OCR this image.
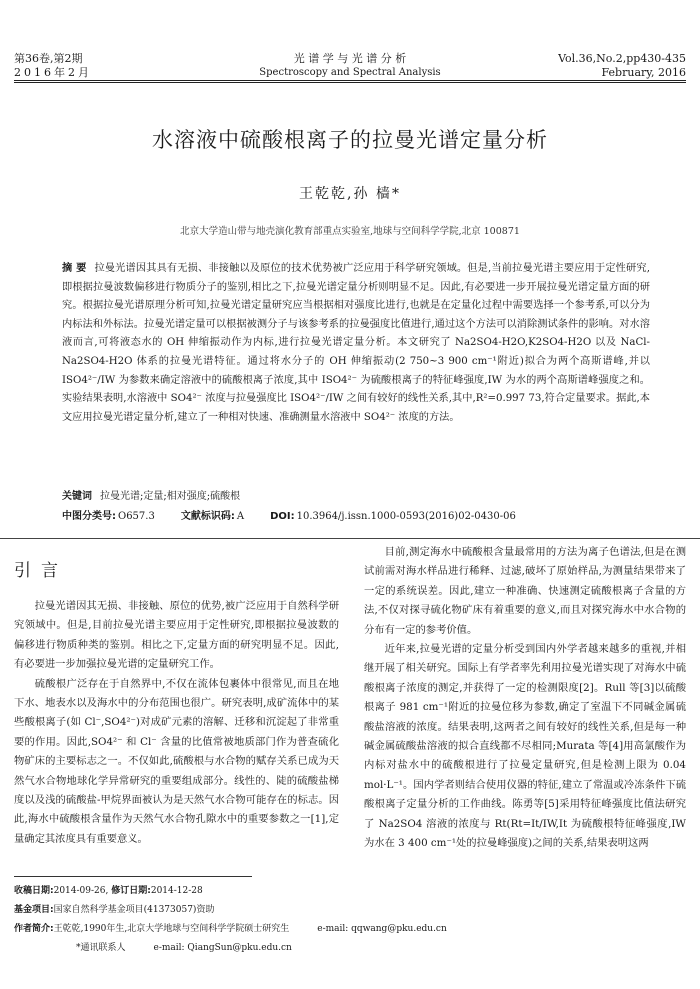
第36卷,第2期
2016年2月
光 谱 学 与 光 谱 分 析
Spectroscopy and Spectral Analysis
Vol.36,No.2,pp430-435
February, 2016
水溶液中硫酸根离子的拉曼光谱定量分析
王乾乾,孙 樯*
北京大学造山带与地壳演化教育部重点实验室,地球与空间科学学院,北京 100871
摘 要 拉曼光谱因其具有无损、非接触以及原位的技术优势被广泛应用于科学研究领域。但是,当前拉曼光谱主要应用于定性研究,即根据拉曼波数偏移进行物质分子的鉴别,相比之下,拉曼光谱定量分析则明显不足。因此,有必要进一步开展拉曼光谱定量方面的研究。根据拉曼光谱原理分析可知,拉曼光谱定量研究应当根据相对强度比进行,也就是在定量化过程中需要选择一个参考系,可以分为内标法和外标法。拉曼光谱定量可以根据被测分子与该参考系的拉曼强度比值进行,通过这个方法可以消除测试条件的影响。对水溶液而言,可将液态水的 OH 伸缩振动作为内标,进行拉曼光谱定量分析。本文研究了 Na2SO4-H2O,K2SO4-H2O 以及 NaCl-Na2SO4-H2O 体系的拉曼光谱特征。通过将水分子的 OH 伸缩振动(2 750~3 900 cm⁻¹附近)拟合为两个高斯谱峰,并以 ISO4²⁻/IW 为参数来确定溶液中的硫酸根离子浓度,其中 ISO4²⁻ 为硫酸根离子的特征峰强度,IW 为水的两个高斯谱峰强度之和。实验结果表明,水溶液中 SO4²⁻ 浓度与拉曼强度比 ISO4²⁻/IW 之间有较好的线性关系,其中,R²=0.997 73,符合定量要求。据此,本文应用拉曼光谱定量分析,建立了一种相对快速、准确测量水溶液中 SO4²⁻ 浓度的方法。
关键词 拉曼光谱;定量;相对强度;硫酸根
中图分类号: O657.3	文献标识码: A	DOI: 10.3964/j.issn.1000-0593(2016)02-0430-06
引言

拉曼光谱因其无损、非接触、原位的优势,被广泛应用于自然科学研究领域中。但是,目前拉曼光谱主要应用于定性研究,即根据拉曼波数的偏移进行物质种类的鉴别。相比之下,定量方面的研究明显不足。因此,有必要进一步加强拉曼光谱的定量研究工作。

硫酸根广泛存在于自然界中,不仅在流体包裹体中很常见,而且在地下水、地表水以及海水中的分布范围也很广。研究表明,成矿流体中的某些酸根离子(如 Cl⁻,SO4²⁻)对成矿元素的溶解、迁移和沉淀起了非常重要的作用。因此,SO4²⁻ 和 Cl⁻ 含量的比值常被地质部门作为普查硫化物矿床的主要标志之一。不仅如此,硫酸根与水合物的赋存关系已成为天然气水合物地球化学异常研究的重要组成部分。线性的、陡的硫酸盐梯度以及浅的硫酸盐-甲烷界面被认为是天然气水合物可能存在的标志。因此,海水中硫酸根含量作为天然气水合物孔隙水中的重要参数之一[1],定量确定其浓度具有重要意义。

目前,测定海水中硫酸根含量最常用的方法为离子色谱法,但是在测试前需对海水样品进行稀释、过滤,破坏了原始样品,为测量结果带来了一定的系统误差。因此,建立一种准确、快速测定硫酸根离子含量的方法,不仅对探寻硫化物矿床有着重要的意义,而且对探究海水中水合物的分布有一定的参考价值。

近年来,拉曼光谱的定量分析受到国内外学者越来越多的重视,并相继开展了相关研究。国际上有学者率先利用拉曼光谱实现了对海水中硫酸根离子浓度的测定,并获得了一定的检测限度[2]。Rull 等[3]以硫酸根离子 981 cm⁻¹附近的拉曼位移为参数,确定了室温下不同碱金属硫酸盐溶液的浓度。结果表明,这两者之间有较好的线性关系,但是每一种碱金属硫酸盐溶液的拟合直线都不尽相同;Murata 等[4]用高氯酸作为内标对盐水中的硫酸根进行了拉曼定量研究,但是检测上限为 0.04 mol·L⁻¹。国内学者则结合使用仪器的特征,建立了常温或冷冻条件下硫酸根离子定量分析的工作曲线。陈勇等[5]采用特征峰强度比值法研究了 Na2SO4 溶液的浓度与 Rt(Rt=It/IW,It 为硫酸根特征峰强度,IW 为水在 3 400 cm⁻¹处的拉曼峰强度)之间的关系,结果表明这两

收稿日期:2014-09-26, 修订日期:2014-12-28
基金项目:国家自然科学基金项目(41373057)资助
作者简介:王乾乾,1990年生,北京大学地球与空间科学学院硕士研究生	e-mail: qqwang@pku.edu.cn
*通讯联系人	e-mail: QiangSun@pku.edu.cn
